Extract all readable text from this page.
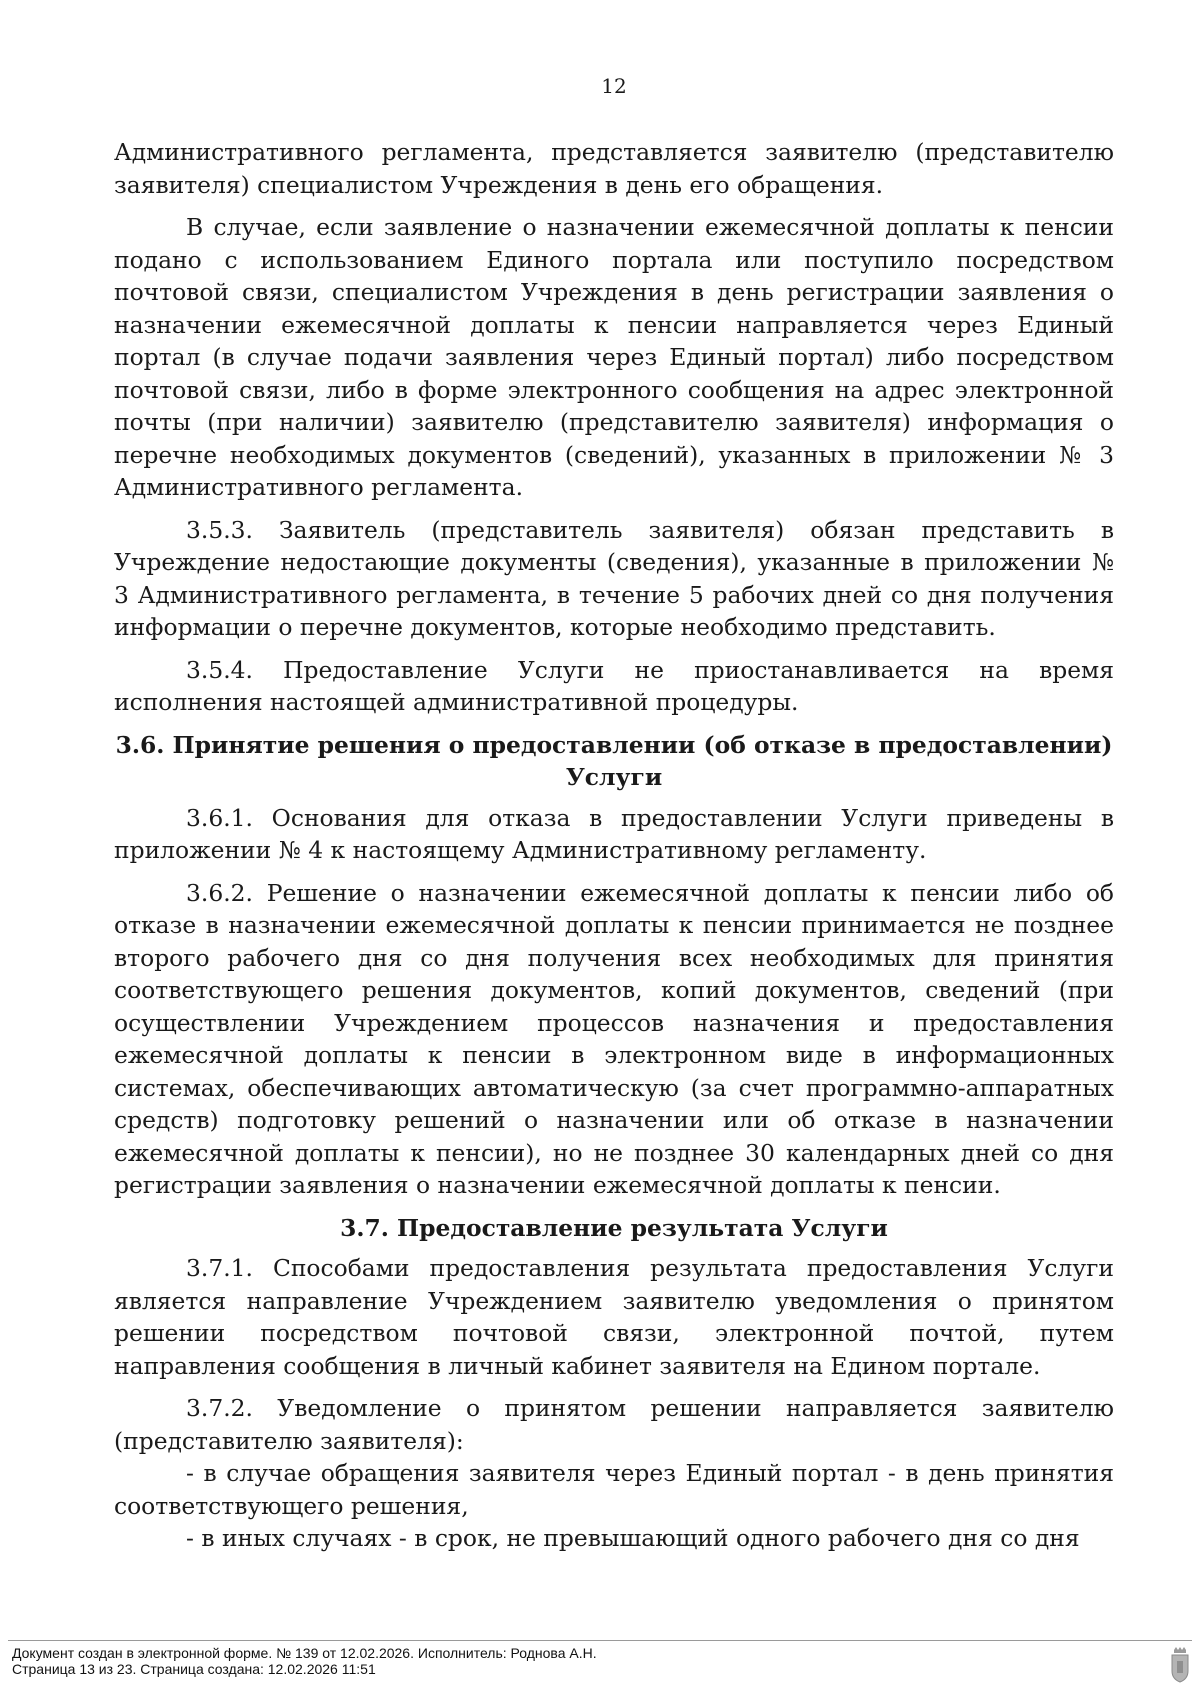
12

Административного регламента, представляется заявителю (представителю заявителя) специалистом Учреждения в день его обращения.

В случае, если заявление о назначении ежемесячной доплаты к пенсии подано с использованием Единого портала или поступило посредством почтовой связи, специалистом Учреждения в день регистрации заявления о назначении ежемесячной доплаты к пенсии направляется через Единый портал (в случае подачи заявления через Единый портал) либо посредством почтовой связи, либо в форме электронного сообщения на адрес электронной почты (при наличии) заявителю (представителю заявителя) информация о перечне необходимых документов (сведений), указанных в приложении № 3 Административного регламента.

3.5.3. Заявитель (представитель заявителя) обязан представить в Учреждение недостающие документы (сведения), указанные в приложении № 3 Административного регламента, в течение 5 рабочих дней со дня получения информации о перечне документов, которые необходимо представить.

3.5.4. Предоставление Услуги не приостанавливается на время исполнения настоящей административной процедуры.

3.6. Принятие решения о предоставлении (об отказе в предоставлении) Услуги

3.6.1. Основания для отказа в предоставлении Услуги приведены в приложении № 4 к настоящему Административному регламенту.

3.6.2. Решение о назначении ежемесячной доплаты к пенсии либо об отказе в назначении ежемесячной доплаты к пенсии принимается не позднее второго рабочего дня со дня получения всех необходимых для принятия соответствующего решения документов, копий документов, сведений (при осуществлении Учреждением процессов назначения и предоставления ежемесячной доплаты к пенсии в электронном виде в информационных системах, обеспечивающих автоматическую (за счет программно-аппаратных средств) подготовку решений о назначении или об отказе в назначении ежемесячной доплаты к пенсии), но не позднее 30 календарных дней со дня регистрации заявления о назначении ежемесячной доплаты к пенсии.

3.7. Предоставление результата Услуги

3.7.1. Способами предоставления результата предоставления Услуги является направление Учреждением заявителю уведомления о принятом решении посредством почтовой связи, электронной почтой, путем направления сообщения в личный кабинет заявителя на Едином портале.

3.7.2. Уведомление о принятом решении направляется заявителю (представителю заявителя):

- в случае обращения заявителя через Единый портал - в день принятия соответствующего решения,

- в иных случаях - в срок, не превышающий одного рабочего дня со дня

Документ создан в электронной форме. № 139 от 12.02.2026. Исполнитель: Роднова А.Н.
Страница 13 из 23. Страница создана: 12.02.2026 11:51
